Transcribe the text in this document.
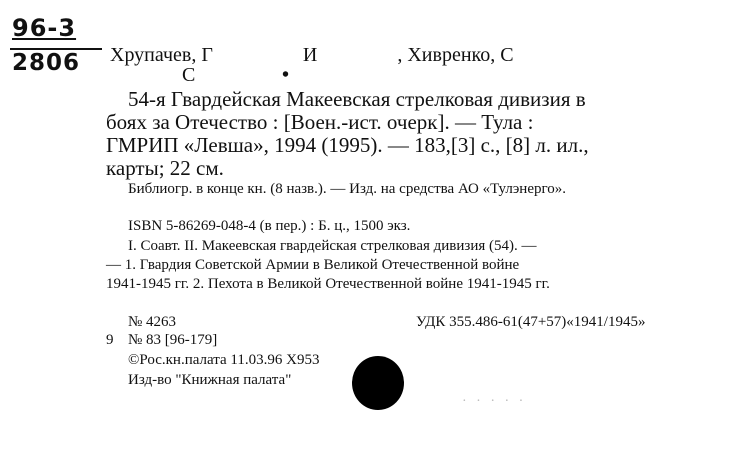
96-3
2806 Хрупачев, Г	И	, Хивренко, С
С	•
54-я Гвардейская Макеевская стрелковая дивизия в
боях за Отечество : [Воен.-ист. очерк]. — Тула :
ГМРИП «Левша», 1994 (1995). — 183,[3] с., [8] л. ил.,
карты; 22 см.
Библиогр. в конце кн. (8 назв.). — Изд. на средства АО «Тулэнерго».
ISBN 5-86269-048-4 (в пер.) : Б. ц., 1500 экз.
I. Соавт. II. Макеевская гвардейская стрелковая дивизия (54). —
— 1. Гвардия Советской Армии в Великой Отечественной войне
1941-1945 гг. 2. Пехота в Великой Отечественной войне 1941-1945 гг.
№ 4263	УДК 355.486-61(47+57)«1941/1945»
9 № 83 [96-179]
©Рос.кн.палата 11.03.96 Х953
Изд-во "Книжная палата"
· · · · ·
